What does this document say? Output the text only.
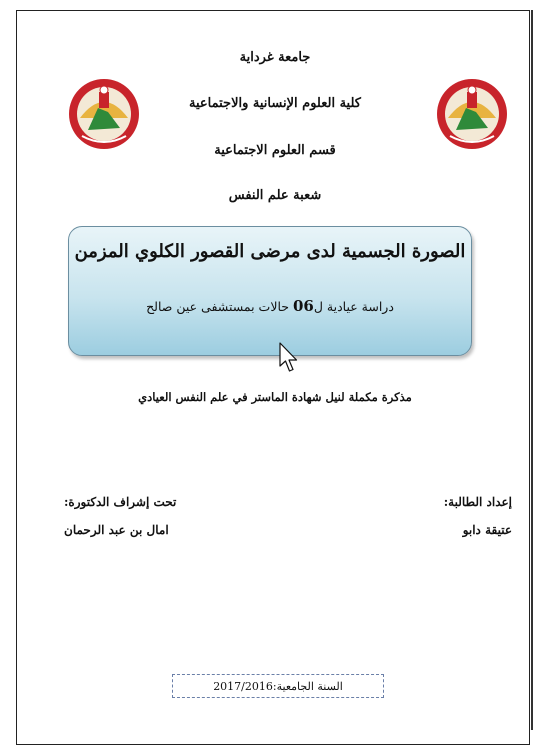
جامعة غرداية
كلية العلوم الإنسانية والاجتماعية
قسم العلوم الاجتماعية
شعبة علم النفس
الصورة الجسمية لدى مرضى القصور الكلوي المزمن
دراسة عيادية ل06 حالات بمستشفى عين صالح
مذكرة مكملة لنيل شهادة الماستر في علم النفس العيادي
إعداد الطالبة:
عتيقة دابو
تحت إشراف الدكتورة:
امال بن عبد الرحمان
السنة الجامعية:
2017/2016
